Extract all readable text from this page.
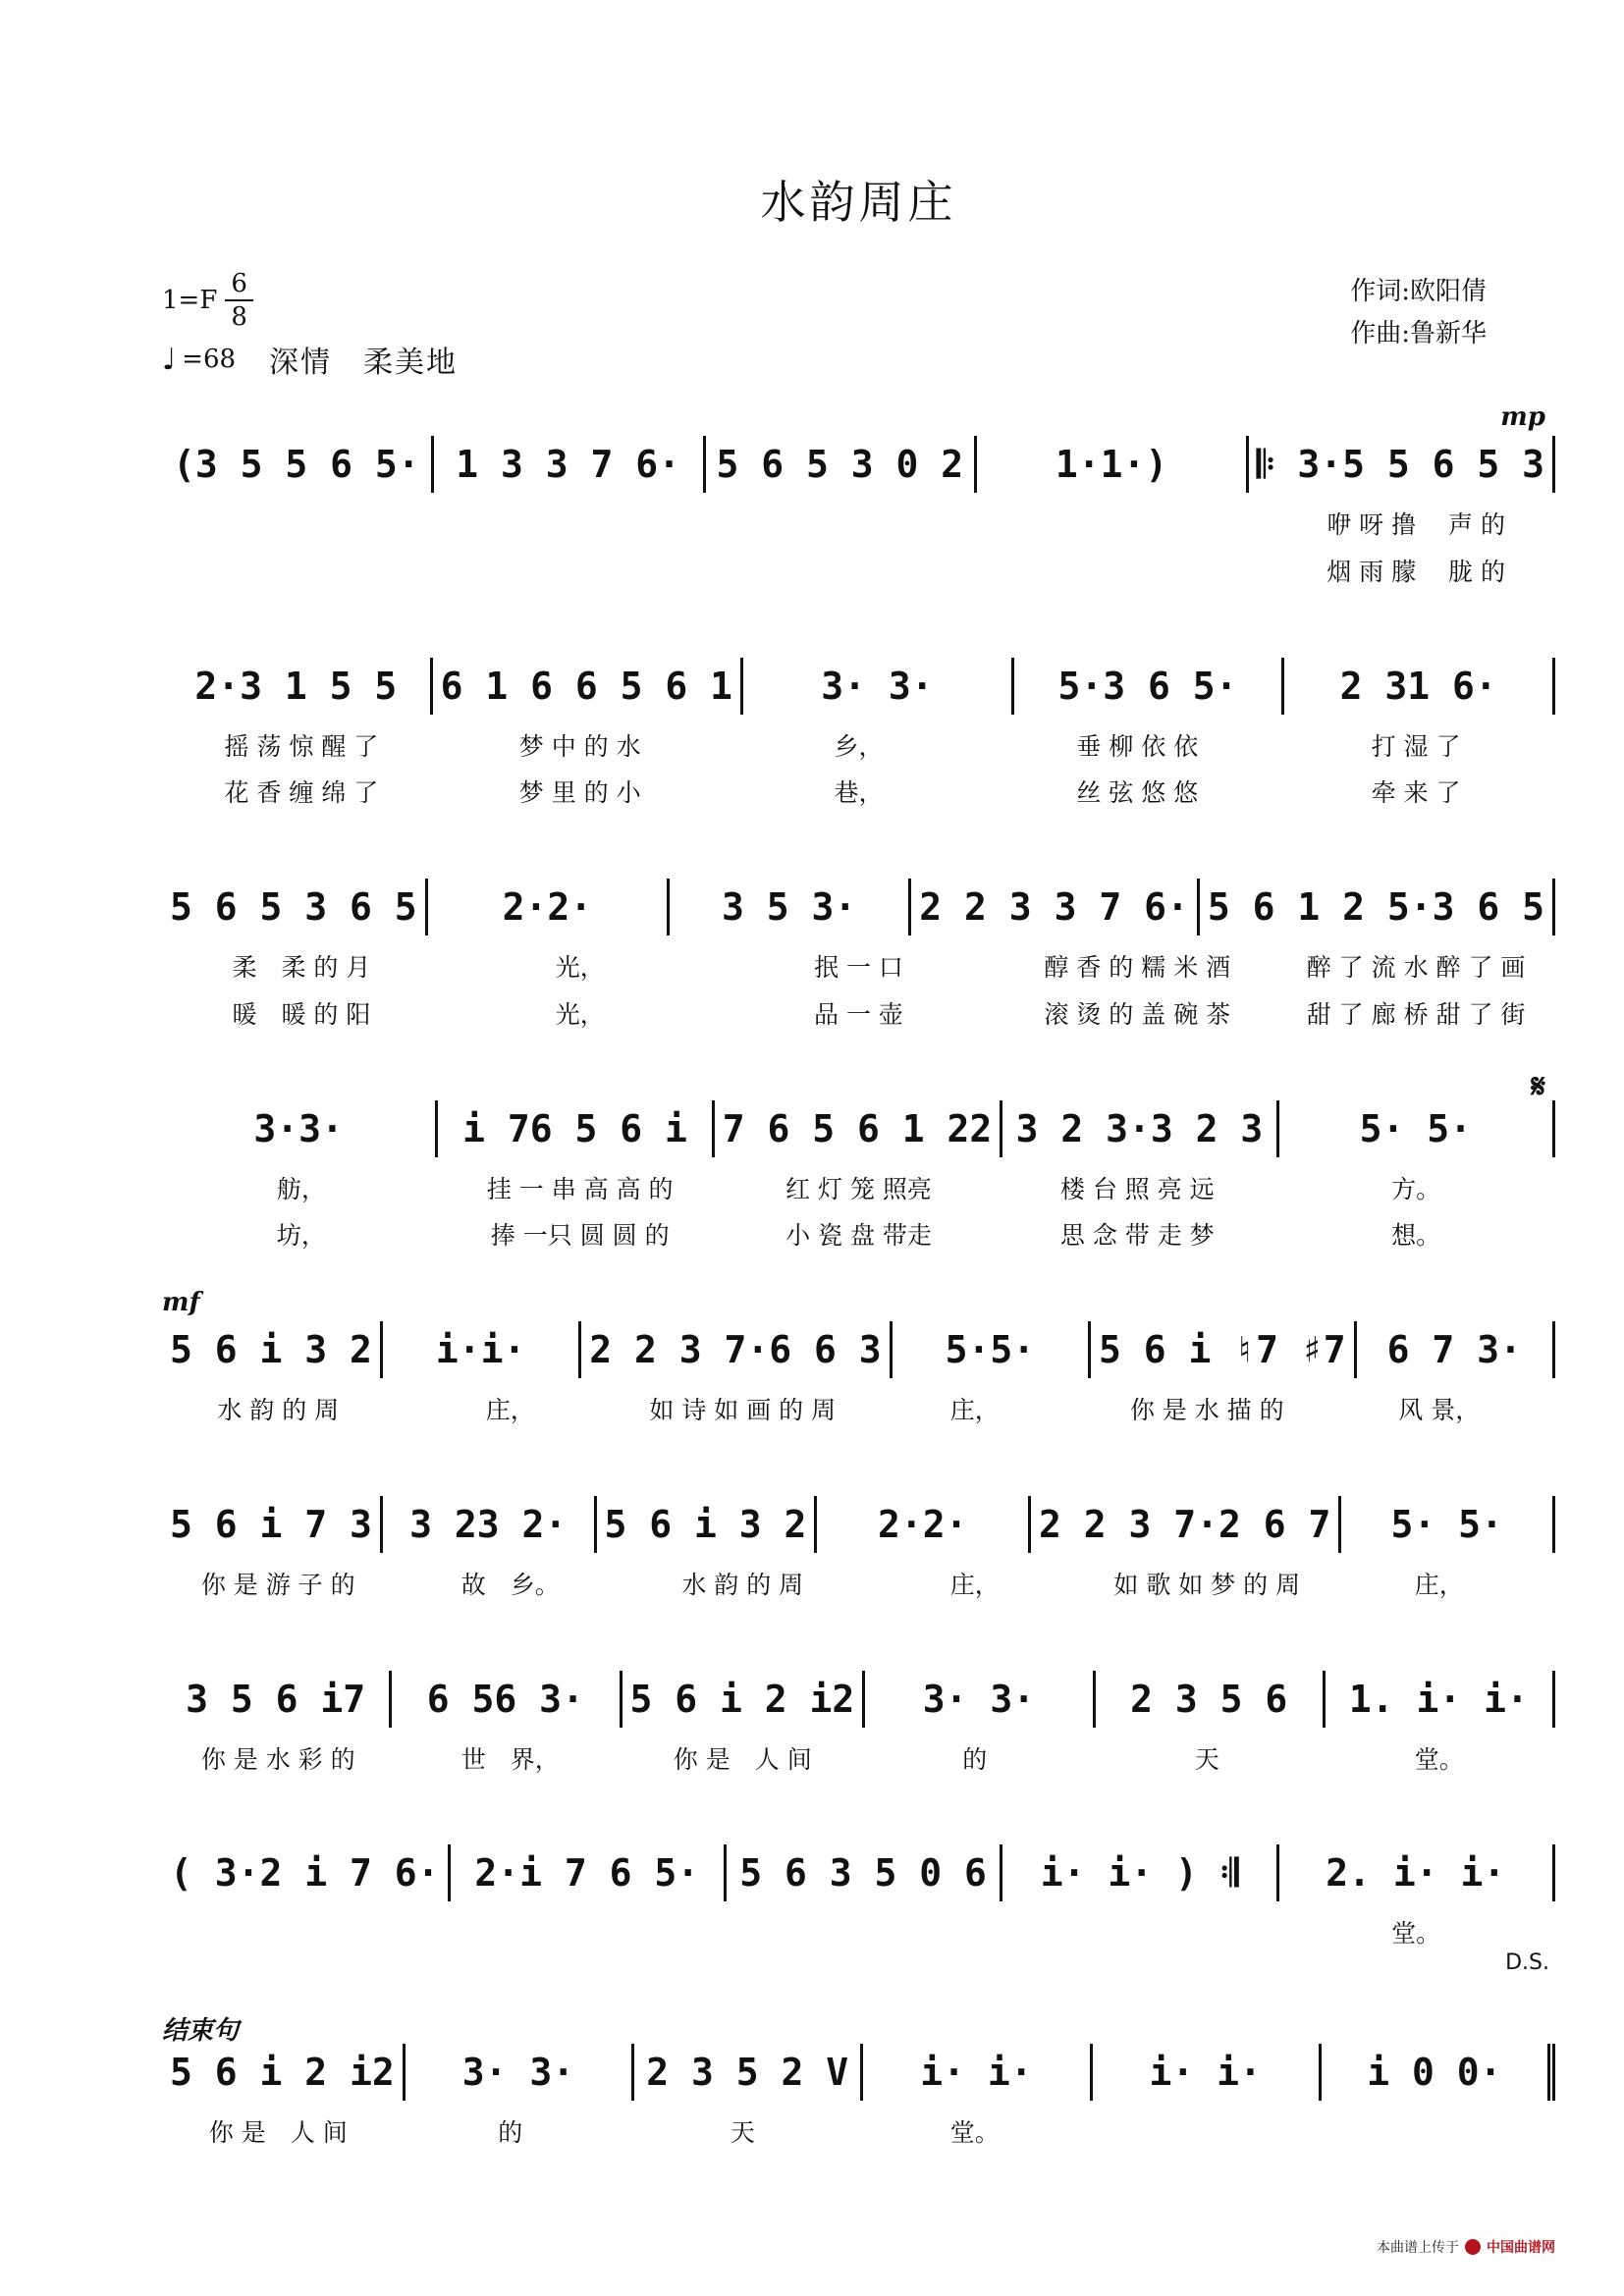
水韵周庄
$1=F \frac{6}{8}$
♩ =68 深情　柔美地
作词:欧阳倩
作曲:鲁新华
mp
(3 5 5 6 5· 1 3 3 7 6· 5 6 5 3 0 2	1·1·)	𝄆 3·5 5 6 5 3
咿 呀 撸　 声 的
烟 雨 朦　 胧 的
2·3 1 5 5	6 1 6 6 5 6 1	3· 3·	5·3 6 5·	2 31 6·
摇 荡 惊 醒 了	梦 中 的 水	乡，	垂 柳 依 依	打 湿 了
花 香 缠 绵 了	梦 里 的 小	巷，	丝 弦 悠 悠	牵 来 了
5 6 5 3 6 5	2·2·	3 5 3·	2 2 3 3 7 6· 5 6 1 2 5·3 6 5
柔　柔 的 月	光，	抿 一 口	醇 香 的 糯 米 酒	醉 了 流 水 醉 了 画
暖　暖 的 阳	光，	品 一 壶	滚 烫 的 盖 碗 茶	甜 了 廊 桥 甜 了 街
𝄋
3·3·	i 76 5 6 i 7 6 5 6 1 22 3 2 3·3 2 3	5· 5·
舫，	挂 一 串 高 高 的	红 灯 笼 照亮	楼 台 照 亮 远	方。
坊，	捧 一只 圆 圆 的	小 瓷 盘 带走	思 念 带 走 梦	想。
mf
5 6 i 3 2	i·i·	2 2 3 7·6 6 3	5·5·	5 6 i ♮7 ♯7	6 7 3·
水 韵 的 周	庄，	如 诗 如 画 的 周	庄，	你 是 水 描 的	风 景，
5 6 i 7 3	3 23 2·	5 6 i 3 2	2·2·	2 2 3 7·2 6 7	5· 5·
你 是 游 子 的	故　乡。	水 韵 的 周	庄，	如 歌 如 梦 的 周	庄，
3 5 6 i7	6 56 3·	5 6 i 2 i2	3· 3·	2 3 5 6	1. i· i·
你 是 水 彩 的	世　界，	你 是　人 间	的	天	堂。
( 3·2 i 7 6· 2·i 7 6 5·	5 6 3 5 0 6	i· i· ) 𝄇	2. i· i·
堂。
D.S.
结束句
5 6 i 2 i2	3· 3·	2 3 5 2 V	i· i·	i· i·	i 0 0·
你 是　人 间	的	天	堂。
本曲谱上传于 中国曲谱网
